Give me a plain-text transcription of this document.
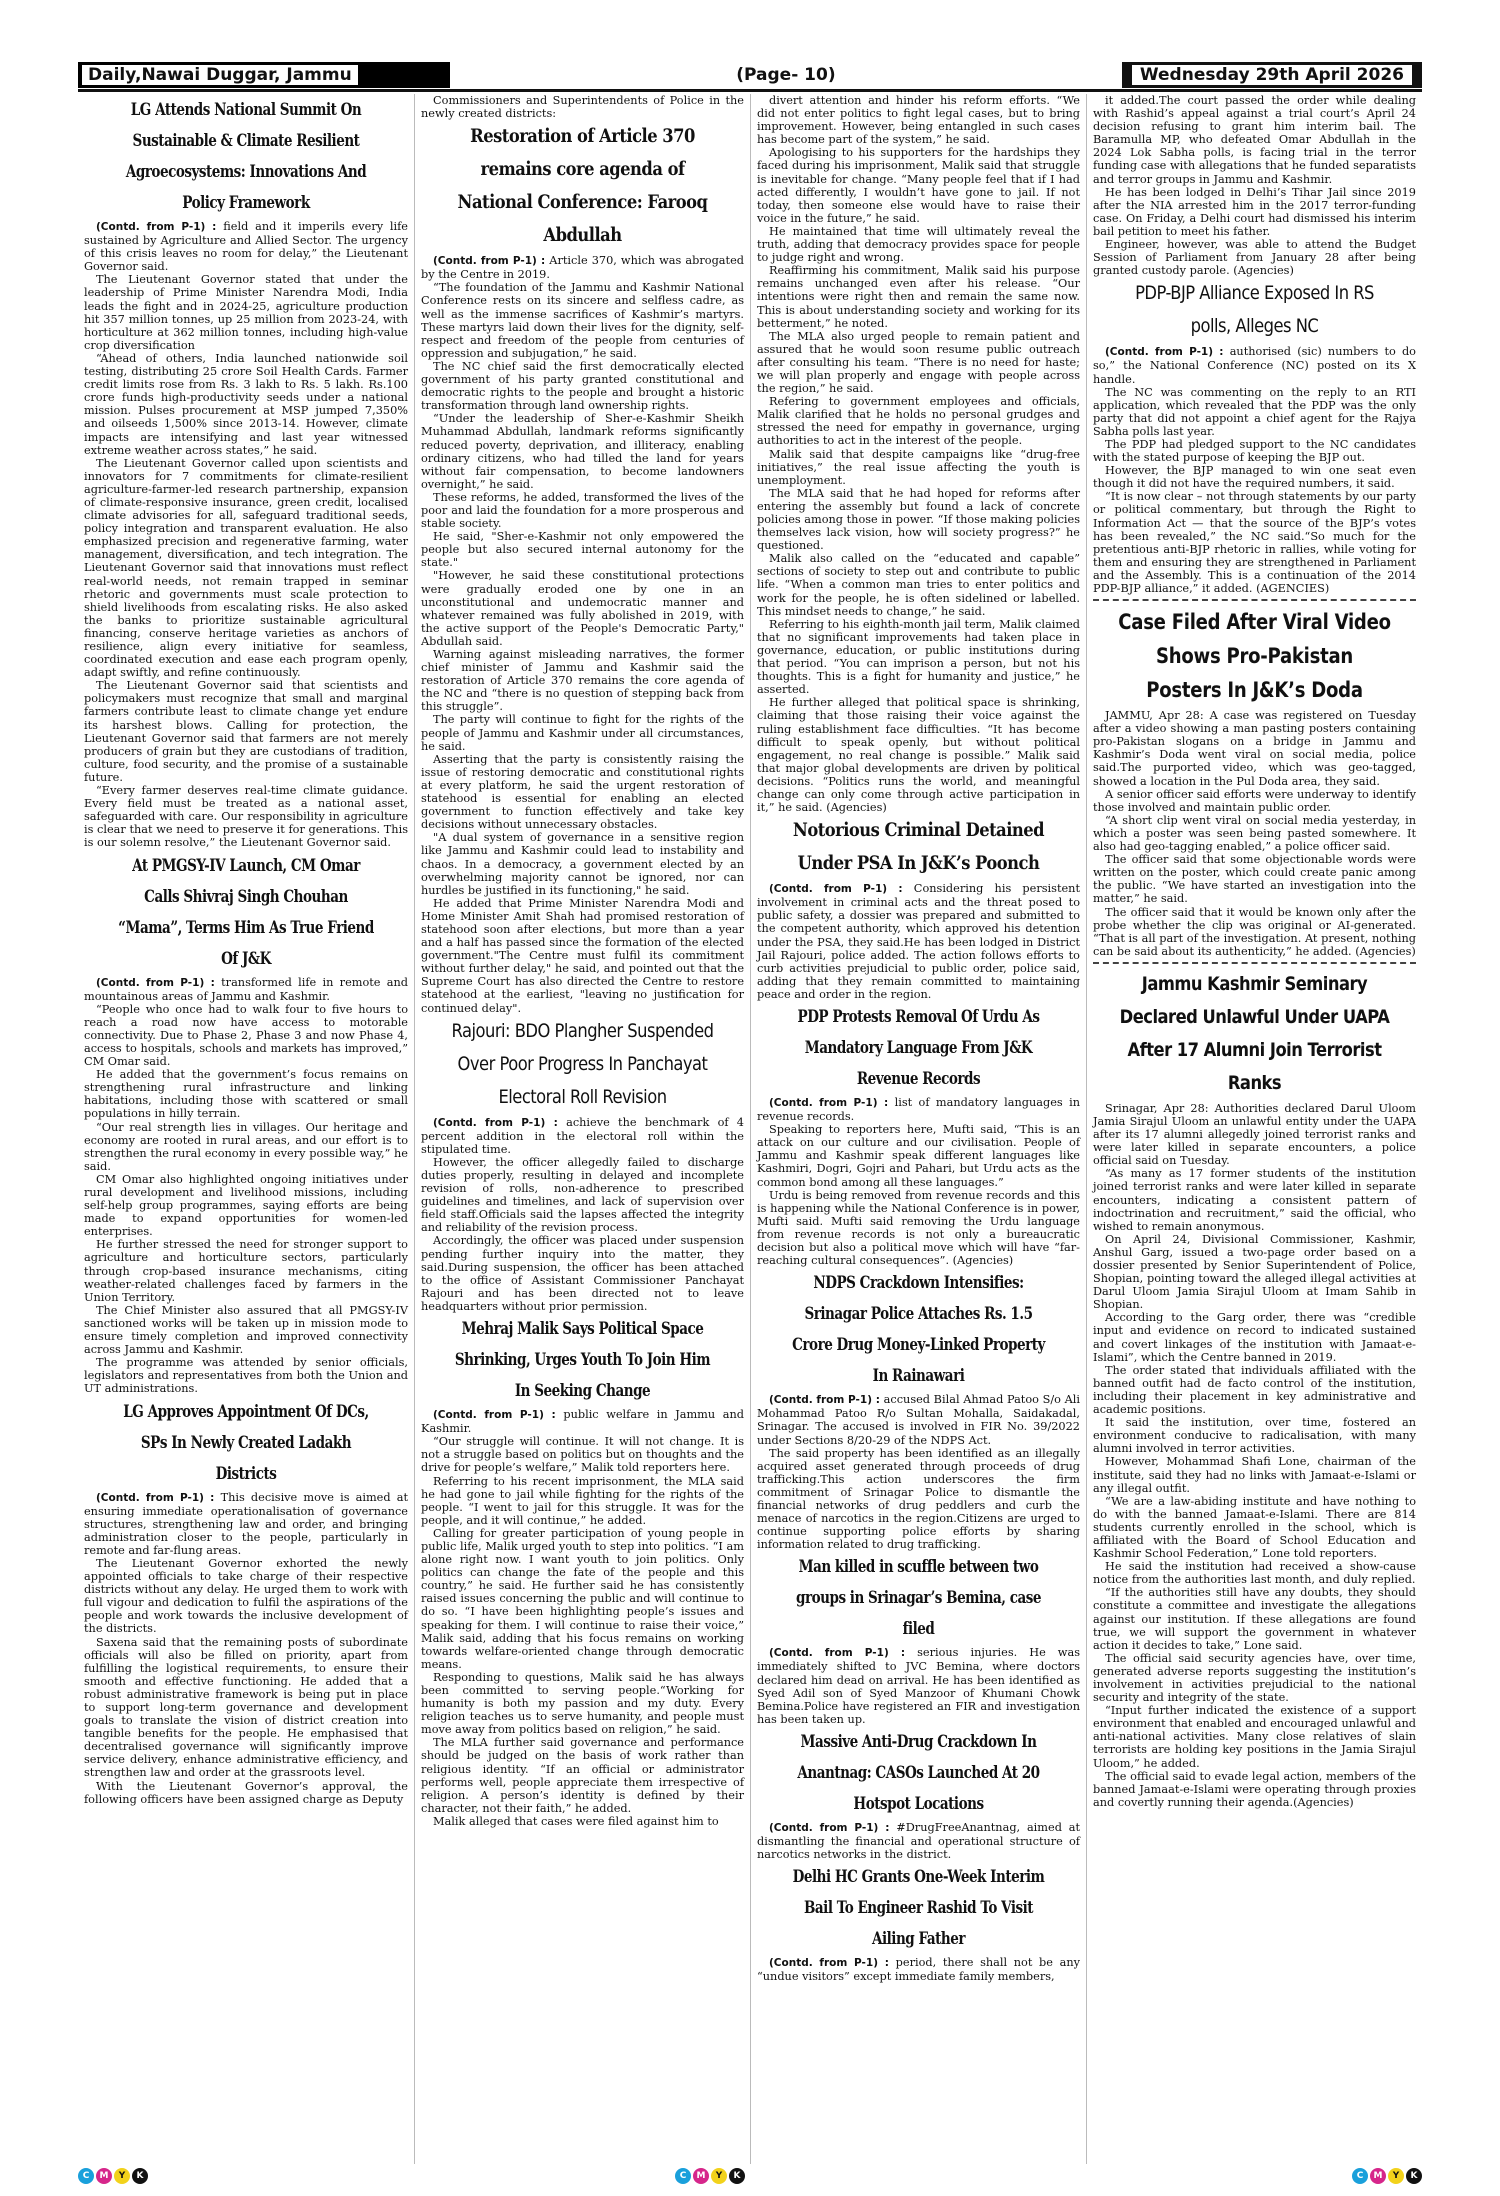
Daily,Nawai Duggar, Jammu	(Page- 10)	Wednesday 29th April 2026
LG Attends National Summit On Sustainable & Climate Resilient Agroecosystems: Innovations And Policy Framework

(Contd. from P-1) : field and it imperils every life sustained by Agriculture and Allied Sector. The urgency of this crisis leaves no room for delay,” the Lieutenant Governor said.

The Lieutenant Governor stated that under the leadership of Prime Minister Narendra Modi, India leads the fight and in 2024-25, agriculture production hit 357 million tonnes, up 25 million from 2023-24, with horticulture at 362 million tonnes, including high-value crop diversification

“Ahead of others, India launched nationwide soil testing, distributing 25 crore Soil Health Cards. Farmer credit limits rose from Rs. 3 lakh to Rs. 5 lakh. Rs.100 crore funds high-productivity seeds under a national mission. Pulses procurement at MSP jumped 7,350% and oilseeds 1,500% since 2013-14. However, climate impacts are intensifying and last year witnessed extreme weather across states,” he said.

The Lieutenant Governor called upon scientists and innovators for 7 commitments for climate-resilient agriculture-farmer-led research partnership, expansion of climate-responsive insurance, green credit, localised climate advisories for all, safeguard traditional seeds, policy integration and transparent evaluation. He also emphasized precision and regenerative farming, water management, diversification, and tech integration. The Lieutenant Governor said that innovations must reflect real-world needs, not remain trapped in seminar rhetoric and governments must scale protection to shield livelihoods from escalating risks. He also asked the banks to prioritize sustainable agricultural financing, conserve heritage varieties as anchors of resilience, align every initiative for seamless, coordinated execution and ease each program openly, adapt swiftly, and refine continuously.

The Lieutenant Governor said that scientists and policymakers must recognize that small and marginal farmers contribute least to climate change yet endure its harshest blows. Calling for protection, the Lieutenant Governor said that farmers are not merely producers of grain but they are custodians of tradition, culture, food security, and the promise of a sustainable future.

“Every farmer deserves real-time climate guidance. Every field must be treated as a national asset, safeguarded with care. Our responsibility in agriculture is clear that we need to preserve it for generations. This is our solemn resolve,” the Lieutenant Governor said.

At PMGSY-IV Launch, CM Omar Calls Shivraj Singh Chouhan “Mama”, Terms Him As True Friend Of J&K

(Contd. from P-1) : transformed life in remote and mountainous areas of Jammu and Kashmir.

“People who once had to walk four to five hours to reach a road now have access to motorable connectivity. Due to Phase 2, Phase 3 and now Phase 4, access to hospitals, schools and markets has improved,” CM Omar said.

He added that the government’s focus remains on strengthening rural infrastructure and linking habitations, including those with scattered or small populations in hilly terrain.

“Our real strength lies in villages. Our heritage and economy are rooted in rural areas, and our effort is to strengthen the rural economy in every possible way,” he said.

CM Omar also highlighted ongoing initiatives under rural development and livelihood missions, including self-help group programmes, saying efforts are being made to expand opportunities for women-led enterprises.

He further stressed the need for stronger support to agriculture and horticulture sectors, particularly through crop-based insurance mechanisms, citing weather-related challenges faced by farmers in the Union Territory.

The Chief Minister also assured that all PMGSY-IV sanctioned works will be taken up in mission mode to ensure timely completion and improved connectivity across Jammu and Kashmir.

The programme was attended by senior officials, legislators and representatives from both the Union and UT administrations.

LG Approves Appointment Of DCs, SPs In Newly Created Ladakh Districts

(Contd. from P-1) : This decisive move is aimed at ensuring immediate operationalisation of governance structures, strengthening law and order, and bringing administration closer to the people, particularly in remote and far-flung areas.

The Lieutenant Governor exhorted the newly appointed officials to take charge of their respective districts without any delay. He urged them to work with full vigour and dedication to fulfil the aspirations of the people and work towards the inclusive development of the districts.

Saxena said that the remaining posts of subordinate officials will also be filled on priority, apart from fulfilling the logistical requirements, to ensure their smooth and effective functioning. He added that a robust administrative framework is being put in place to support long-term governance and development goals to translate the vision of district creation into tangible benefits for the people. He emphasised that decentralised governance will significantly improve service delivery, enhance administrative efficiency, and strengthen law and order at the grassroots level.

With the Lieutenant Governor’s approval, the following officers have been assigned charge as Deputy

Commissioners and Superintendents of Police in the newly created districts:

Restoration of Article 370 remains core agenda of National Conference: Farooq Abdullah

(Contd. from P-1) : Article 370, which was abrogated by the Centre in 2019.

“The foundation of the Jammu and Kashmir National Conference rests on its sincere and selfless cadre, as well as the immense sacrifices of Kashmir’s martyrs. These martyrs laid down their lives for the dignity, self-respect and freedom of the people from centuries of oppression and subjugation,” he said.

The NC chief said the first democratically elected government of his party granted constitutional and democratic rights to the people and brought a historic transformation through land ownership rights.

“Under the leadership of Sher-e-Kashmir Sheikh Muhammad Abdullah, landmark reforms significantly reduced poverty, deprivation, and illiteracy, enabling ordinary citizens, who had tilled the land for years without fair compensation, to become landowners overnight,” he said.

These reforms, he added, transformed the lives of the poor and laid the foundation for a more prosperous and stable society.

He said, "Sher-e-Kashmir not only empowered the people but also secured internal autonomy for the state."

"However, he said these constitutional protections were gradually eroded one by one in an unconstitutional and undemocratic manner and whatever remained was fully abolished in 2019, with the active support of the People's Democratic Party," Abdullah said.

Warning against misleading narratives, the former chief minister of Jammu and Kashmir said the restoration of Article 370 remains the core agenda of the NC and “there is no question of stepping back from this struggle”.

The party will continue to fight for the rights of the people of Jammu and Kashmir under all circumstances, he said.

Asserting that the party is consistently raising the issue of restoring democratic and constitutional rights at every platform, he said the urgent restoration of statehood is essential for enabling an elected government to function effectively and take key decisions without unnecessary obstacles.

"A dual system of governance in a sensitive region like Jammu and Kashmir could lead to instability and chaos. In a democracy, a government elected by an overwhelming majority cannot be ignored, nor can hurdles be justified in its functioning," he said.

He added that Prime Minister Narendra Modi and Home Minister Amit Shah had promised restoration of statehood soon after elections, but more than a year and a half has passed since the formation of the elected government."The Centre must fulfil its commitment without further delay," he said, and pointed out that the Supreme Court has also directed the Centre to restore statehood at the earliest, "leaving no justification for continued delay".

Rajouri: BDO Plangher Suspended Over Poor Progress In Panchayat Electoral Roll Revision

(Contd. from P-1) : achieve the benchmark of 4 percent addition in the electoral roll within the stipulated time.

However, the officer allegedly failed to discharge duties properly, resulting in delayed and incomplete revision of rolls, non-adherence to prescribed guidelines and timelines, and lack of supervision over field staff.Officials said the lapses affected the integrity and reliability of the revision process.

Accordingly, the officer was placed under suspension pending further inquiry into the matter, they said.During suspension, the officer has been attached to the office of Assistant Commissioner Panchayat Rajouri and has been directed not to leave headquarters without prior permission.

Mehraj Malik Says Political Space Shrinking, Urges Youth To Join Him In Seeking Change

(Contd. from P-1) : public welfare in Jammu and Kashmir.

“Our struggle will continue. It will not change. It is not a struggle based on politics but on thoughts and the drive for people’s welfare,” Malik told reporters here.

Referring to his recent imprisonment, the MLA said he had gone to jail while fighting for the rights of the people. “I went to jail for this struggle. It was for the people, and it will continue,” he added.

Calling for greater participation of young people in public life, Malik urged youth to step into politics. “I am alone right now. I want youth to join politics. Only politics can change the fate of the people and this country,” he said. He further said he has consistently raised issues concerning the public and will continue to do so. “I have been highlighting people’s issues and speaking for them. I will continue to raise their voice,” Malik said, adding that his focus remains on working towards welfare-oriented change through democratic means.

Responding to questions, Malik said he has always been committed to serving people.“Working for humanity is both my passion and my duty. Every religion teaches us to serve humanity, and people must move away from politics based on religion,” he said.

The MLA further said governance and performance should be judged on the basis of work rather than religious identity. “If an official or administrator performs well, people appreciate them irrespective of religion. A person’s identity is defined by their character, not their faith,” he added.

Malik alleged that cases were filed against him to

divert attention and hinder his reform efforts. “We did not enter politics to fight legal cases, but to bring improvement. However, being entangled in such cases has become part of the system,” he said.

Apologising to his supporters for the hardships they faced during his imprisonment, Malik said that struggle is inevitable for change. “Many people feel that if I had acted differently, I wouldn’t have gone to jail. If not today, then someone else would have to raise their voice in the future,” he said.

He maintained that time will ultimately reveal the truth, adding that democracy provides space for people to judge right and wrong.

Reaffirming his commitment, Malik said his purpose remains unchanged even after his release. “Our intentions were right then and remain the same now. This is about understanding society and working for its betterment,” he noted.

The MLA also urged people to remain patient and assured that he would soon resume public outreach after consulting his team. “There is no need for haste; we will plan properly and engage with people across the region,” he said.

Refering to government employees and officials, Malik clarified that he holds no personal grudges and stressed the need for empathy in governance, urging authorities to act in the interest of the people.

Malik said that despite campaigns like “drug-free initiatives,” the real issue affecting the youth is unemployment.

The MLA said that he had hoped for reforms after entering the assembly but found a lack of concrete policies among those in power. “If those making policies themselves lack vision, how will society progress?” he questioned.

Malik also called on the “educated and capable” sections of society to step out and contribute to public life. “When a common man tries to enter politics and work for the people, he is often sidelined or labelled. This mindset needs to change,” he said.

Referring to his eighth-month jail term, Malik claimed that no significant improvements had taken place in governance, education, or public institutions during that period. “You can imprison a person, but not his thoughts. This is a fight for humanity and justice,” he asserted.

He further alleged that political space is shrinking, claiming that those raising their voice against the ruling establishment face difficulties. “It has become difficult to speak openly, but without political engagement, no real change is possible.” Malik said that major global developments are driven by political decisions. “Politics runs the world, and meaningful change can only come through active participation in it,” he said. (Agencies)

Notorious Criminal Detained Under PSA In J&K’s Poonch

(Contd. from P-1) : Considering his persistent involvement in criminal acts and the threat posed to public safety, a dossier was prepared and submitted to the competent authority, which approved his detention under the PSA, they said.He has been lodged in District Jail Rajouri, police added. The action follows efforts to curb activities prejudicial to public order, police said, adding that they remain committed to maintaining peace and order in the region.

PDP Protests Removal Of Urdu As Mandatory Language From J&K Revenue Records

(Contd. from P-1) : list of mandatory languages in revenue records.

Speaking to reporters here, Mufti said, “This is an attack on our culture and our civilisation. People of Jammu and Kashmir speak different languages like Kashmiri, Dogri, Gojri and Pahari, but Urdu acts as the common bond among all these languages.”

Urdu is being removed from revenue records and this is happening while the National Conference is in power, Mufti said. Mufti said removing the Urdu language from revenue records is not only a bureaucratic decision but also a political move which will have “far-reaching cultural consequences”. (Agencies)

NDPS Crackdown Intensifies: Srinagar Police Attaches Rs. 1.5 Crore Drug Money-Linked Property In Rainawari

(Contd. from P-1) : accused Bilal Ahmad Patoo S/o Ali Mohammad Patoo R/o Sultan Mohalla, Saidakadal, Srinagar. The accused is involved in FIR No. 39/2022 under Sections 8/20-29 of the NDPS Act.

The said property has been identified as an illegally acquired asset generated through proceeds of drug trafficking.This action underscores the firm commitment of Srinagar Police to dismantle the financial networks of drug peddlers and curb the menace of narcotics in the region.Citizens are urged to continue supporting police efforts by sharing information related to drug trafficking.

Man killed in scuffle between two groups in Srinagar’s Bemina, case filed

(Contd. from P-1) : serious injuries. He was immediately shifted to JVC Bemina, where doctors declared him dead on arrival. He has been identified as Syed Adil son of Syed Manzoor of Khumani Chowk Bemina.Police have registered an FIR and investigation has been taken up.

Massive Anti-Drug Crackdown In Anantnag: CASOs Launched At 20 Hotspot Locations

(Contd. from P-1) : #DrugFreeAnantnag, aimed at dismantling the financial and operational structure of narcotics networks in the district.

Delhi HC Grants One-Week Interim Bail To Engineer Rashid To Visit Ailing Father

(Contd. from P-1) : period, there shall not be any “undue visitors” except immediate family members,

it added.The court passed the order while dealing with Rashid’s appeal against a trial court’s April 24 decision refusing to grant him interim bail. The Baramulla MP, who defeated Omar Abdullah in the 2024 Lok Sabha polls, is facing trial in the terror funding case with allegations that he funded separatists and terror groups in Jammu and Kashmir.

He has been lodged in Delhi’s Tihar Jail since 2019 after the NIA arrested him in the 2017 terror-funding case. On Friday, a Delhi court had dismissed his interim bail petition to meet his father.

Engineer, however, was able to attend the Budget Session of Parliament from January 28 after being granted custody parole. (Agencies)

PDP-BJP Alliance Exposed In RS polls, Alleges NC

(Contd. from P-1) : authorised (sic) numbers to do so,” the National Conference (NC) posted on its X handle.

The NC was commenting on the reply to an RTI application, which revealed that the PDP was the only party that did not appoint a chief agent for the Rajya Sabha polls last year.

The PDP had pledged support to the NC candidates with the stated purpose of keeping the BJP out.

However, the BJP managed to win one seat even though it did not have the required numbers, it said.

“It is now clear – not through statements by our party or political commentary, but through the Right to Information Act — that the source of the BJP’s votes has been revealed,” the NC said.“So much for the pretentious anti-BJP rhetoric in rallies, while voting for them and ensuring they are strengthened in Parliament and the Assembly. This is a continuation of the 2014 PDP-BJP alliance,” it added. (AGENCIES)

Case Filed After Viral Video Shows Pro-Pakistan Posters In J&K’s Doda

JAMMU, Apr 28: A case was registered on Tuesday after a video showing a man pasting posters containing pro-Pakistan slogans on a bridge in Jammu and Kashmir’s Doda went viral on social media, police said.The purported video, which was geo-tagged, showed a location in the Pul Doda area, they said.

A senior officer said efforts were underway to identify those involved and maintain public order.

“A short clip went viral on social media yesterday, in which a poster was seen being pasted somewhere. It also had geo-tagging enabled,” a police officer said.

The officer said that some objectionable words were written on the poster, which could create panic among the public. “We have started an investigation into the matter,” he said.

The officer said that it would be known only after the probe whether the clip was original or AI-generated. “That is all part of the investigation. At present, nothing can be said about its authenticity,” he added. (Agencies)

Jammu Kashmir Seminary Declared Unlawful Under UAPA After 17 Alumni Join Terrorist Ranks

Srinagar, Apr 28: Authorities declared Darul Uloom Jamia Sirajul Uloom an unlawful entity under the UAPA after its 17 alumni allegedly joined terrorist ranks and were later killed in separate encounters, a police official said on Tuesday.

“As many as 17 former students of the institution joined terrorist ranks and were later killed in separate encounters, indicating a consistent pattern of indoctrination and recruitment,” said the official, who wished to remain anonymous.

On April 24, Divisional Commissioner, Kashmir, Anshul Garg, issued a two-page order based on a dossier presented by Senior Superintendent of Police, Shopian, pointing toward the alleged illegal activities at Darul Uloom Jamia Sirajul Uloom at Imam Sahib in Shopian.

According to the Garg order, there was “credible input and evidence on record to indicated sustained and covert linkages of the institution with Jamaat-e-Islami”, which the Centre banned in 2019.

The order stated that individuals affiliated with the banned outfit had de facto control of the institution, including their placement in key administrative and academic positions.

It said the institution, over time, fostered an environment conducive to radicalisation, with many alumni involved in terror activities.

However, Mohammad Shafi Lone, chairman of the institute, said they had no links with Jamaat-e-Islami or any illegal outfit.

“We are a law-abiding institute and have nothing to do with the banned Jamaat-e-Islami. There are 814 students currently enrolled in the school, which is affiliated with the Board of School Education and Kashmir School Federation,” Lone told reporters.

He said the institution had received a show-cause notice from the authorities last month, and duly replied.

“If the authorities still have any doubts, they should constitute a committee and investigate the allegations against our institution. If these allegations are found true, we will support the government in whatever action it decides to take,” Lone said.

The official said security agencies have, over time, generated adverse reports suggesting the institution’s involvement in activities prejudicial to the national security and integrity of the state.

“Input further indicated the existence of a support environment that enabled and encouraged unlawful and anti-national activities. Many close relatives of slain terrorists are holding key positions in the Jamia Sirajul Uloom,” he added.

The official said to evade legal action, members of the banned Jamaat-e-Islami were operating through proxies and covertly running their agenda.(Agencies)

C	M	Y	K	C	M	Y	K	C	M	Y	K
